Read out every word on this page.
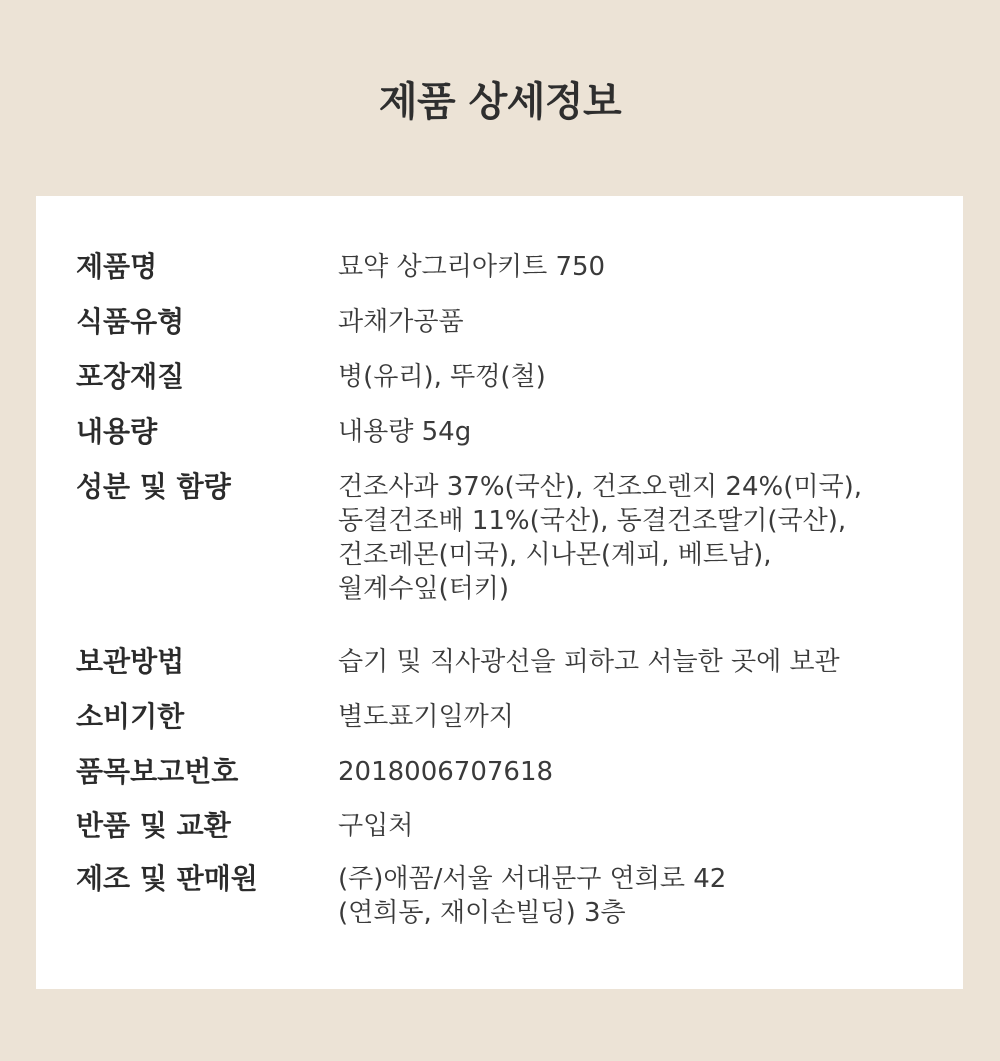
제품 상세정보
제품명	묘약 상그리아키트 750
식품유형	과채가공품
포장재질	병(유리), 뚜껑(철)
내용량	내용량 54g
성분 및 함량	건조사과 37%(국산), 건조오렌지 24%(미국),
동결건조배 11%(국산), 동결건조딸기(국산),
건조레몬(미국), 시나몬(계피, 베트남),
월계수잎(터키)
보관방법	습기 및 직사광선을 피하고 서늘한 곳에 보관
소비기한	별도표기일까지
품목보고번호	2018006707618
반품 및 교환	구입처
제조 및 판매원	(주)애꼼/서울 서대문구 연희로 42
(연희동, 재이손빌딩) 3층
